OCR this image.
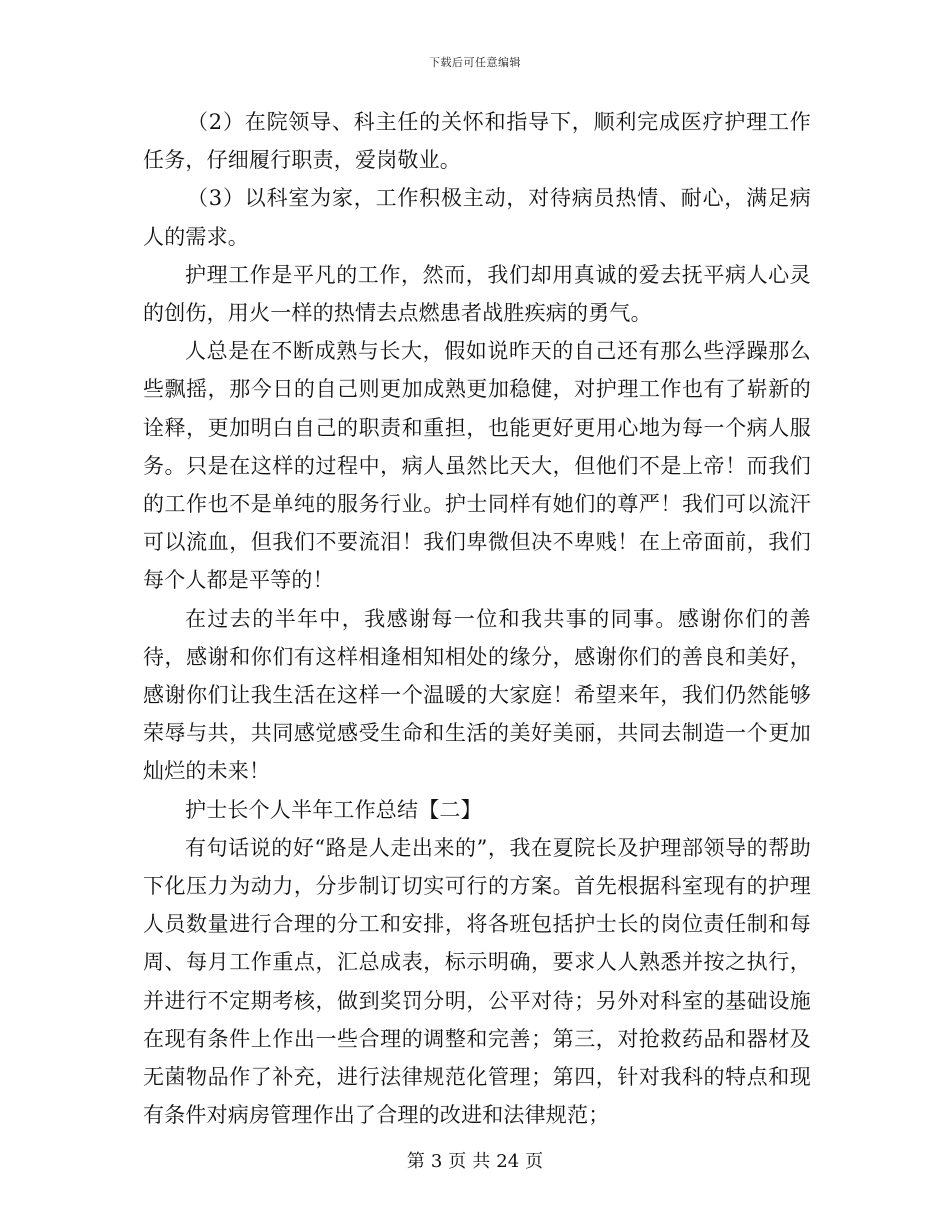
下载后可任意编辑

（2）在院领导、科主任的关怀和指导下，顺利完成医疗护理工作任务，仔细履行职责，爱岗敬业。

（3）以科室为家，工作积极主动，对待病员热情、耐心，满足病人的需求。

护理工作是平凡的工作，然而，我们却用真诚的爱去抚平病人心灵的创伤，用火一样的热情去点燃患者战胜疾病的勇气。

人总是在不断成熟与长大，假如说昨天的自己还有那么些浮躁那么些飘摇，那今日的自己则更加成熟更加稳健，对护理工作也有了崭新的诠释，更加明白自己的职责和重担，也能更好更用心地为每一个病人服务。只是在这样的过程中，病人虽然比天大，但他们不是上帝！而我们的工作也不是单纯的服务行业。护士同样有她们的尊严！我们可以流汗可以流血，但我们不要流泪！我们卑微但决不卑贱！在上帝面前，我们每个人都是平等的！

在过去的半年中，我感谢每一位和我共事的同事。感谢你们的善待，感谢和你们有这样相逢相知相处的缘分，感谢你们的善良和美好，感谢你们让我生活在这样一个温暖的大家庭！希望来年，我们仍然能够荣辱与共，共同感觉感受生命和生活的美好美丽，共同去制造一个更加灿烂的未来！

护士长个人半年工作总结【二】

有句话说的好“路是人走出来的”，我在夏院长及护理部领导的帮助下化压力为动力，分步制订切实可行的方案。首先根据科室现有的护理人员数量进行合理的分工和安排，将各班包括护士长的岗位责任制和每周、每月工作重点，汇总成表，标示明确，要求人人熟悉并按之执行，并进行不定期考核，做到奖罚分明，公平对待；另外对科室的基础设施在现有条件上作出一些合理的调整和完善；第三，对抢救药品和器材及无菌物品作了补充，进行法律规范化管理；第四，针对我科的特点和现有条件对病房管理作出了合理的改进和法律规范；

第 3 页 共 24 页
